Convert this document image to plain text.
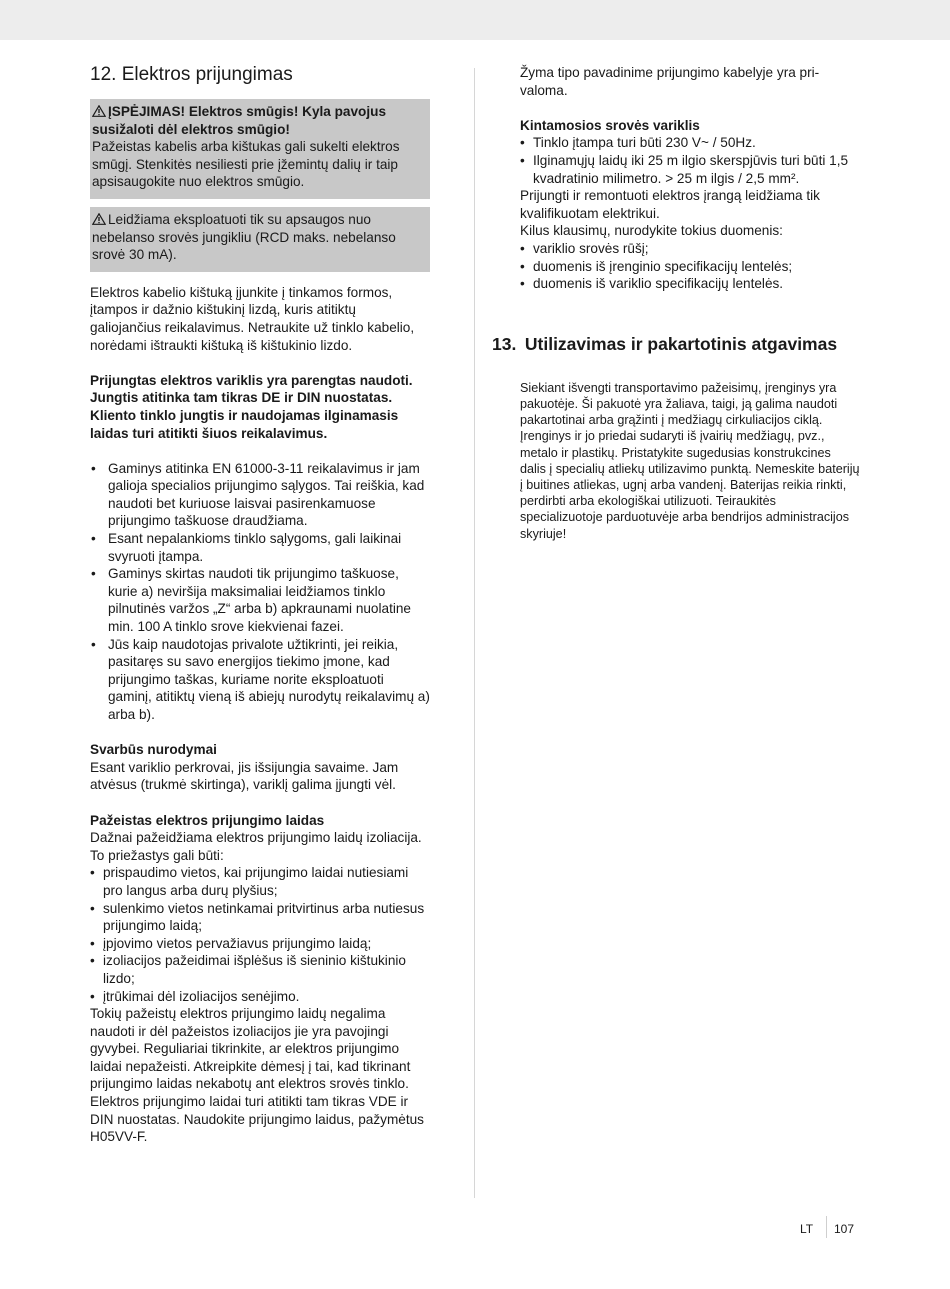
12. Elektros prijungimas

ĮSPĖJIMAS! Elektros smūgis! Kyla pavojus susižaloti dėl elektros smūgio!

Pažeistas kabelis arba kištukas gali sukelti elektros smūgį. Stenkitės nesiliesti prie įžemintų dalių ir taip apsisaugokite nuo elektros smūgio.

Leidžiama eksploatuoti tik su apsaugos nuo nebelanso srovės jungikliu (RCD maks. nebelanso srovė 30 mA).

Elektros kabelio kištuką įjunkite į tinkamos formos, įtampos ir dažnio kištukinį lizdą, kuris atitiktų galiojančius reikalavimus. Netraukite už tinklo kabelio, norėdami ištraukti kištuką iš kištukinio lizdo.

Prijungtas elektros variklis yra parengtas naudoti. Jungtis atitinka tam tikras DE ir DIN nuostatas. Kliento tinklo jungtis ir naudojamas ilginamasis laidas turi atitikti šiuos reikalavimus.

• Gaminys atitinka EN 61000-3-11 reikalavimus ir jam galioja specialios prijungimo sąlygos. Tai reiškia, kad naudoti bet kuriuose laisvai pasirenkamuose prijungimo taškuose draudžiama.
• Esant nepalankioms tinklo sąlygoms, gali laikinai svyruoti įtampa.
• Gaminys skirtas naudoti tik prijungimo taškuose, kurie a) neviršija maksimaliai leidžiamos tinklo pilnutinės varžos „Z“ arba b) apkraunami nuolatine min. 100 A tinklo srove kiekvienai fazei.
• Jūs kaip naudotojas privalote užtikrinti, jei reikia, pasitaręs su savo energijos tiekimo įmone, kad prijungimo taškas, kuriame norite eksploatuoti gaminį, atitiktų vieną iš abiejų nurodytų reikalavimų a) arba b).

Svarbūs nurodymai

Esant variklio perkrovai, jis išsijungia savaime. Jam atvėsus (trukmė skirtinga), variklį galima įjungti vėl.

Pažeistas elektros prijungimo laidas

Dažnai pažeidžiama elektros prijungimo laidų izoliacija.

To priežastys gali būti:

• prispaudimo vietos, kai prijungimo laidai nutiesiami pro langus arba durų plyšius;
• sulenkimo vietos netinkamai pritvirtinus arba nutiesus prijungimo laidą;
• įpjovimo vietos pervažiavus prijungimo laidą;
• izoliacijos pažeidimai išplėšus iš sieninio kištukinio lizdo;
• įtrūkimai dėl izoliacijos senėjimo.

Tokių pažeistų elektros prijungimo laidų negalima naudoti ir dėl pažeistos izoliacijos jie yra pavojingi gyvybei. Reguliariai tikrinkite, ar elektros prijungimo laidai nepažeisti. Atkreipkite dėmesį į tai, kad tikrinant prijungimo laidas nekabotų ant elektros srovės tinklo. Elektros prijungimo laidai turi atitikti tam tikras VDE ir DIN nuostatas. Naudokite prijungimo laidus, pažymėtus

H05VV-F.

Žyma tipo pavadinime prijungimo kabelyje yra privaloma.

Kintamosios srovės variklis

• Tinklo įtampa turi būti 230 V~ / 50Hz.
• Ilginamųjų laidų iki 25 m ilgio skerspjūvis turi būti 1,5 kvadratinio milimetro. > 25 m ilgis / 2,5 mm².

Prijungti ir remontuoti elektros įrangą leidžiama tik kvalifikuotam elektrikui.

Kilus klausimų, nurodykite tokius duomenis:

• variklio srovės rūšį;
• duomenis iš įrenginio specifikacijų lentelės;
• duomenis iš variklio specifikacijų lentelės.
13. Utilizavimas ir pakartotinis atgavimas

Siekiant išvengti transportavimo pažeisimų, įrenginys yra pakuotėje. Ši pakuotė yra žaliava, taigi, ją galima naudoti pakartotinai arba grąžinti į medžiagų cirkuliacijos ciklą. Įrenginys ir jo priedai sudaryti iš įvairių medžiagų, pvz., metalo ir plastikų. Pristatykite sugedusias konstrukcines dalis į specialių atliekų utilizavimo punktą. Nemeskite baterijų į buitines atliekas, ugnį arba vandenį. Baterijas reikia rinkti, perdirbti arba ekologiškai utilizuoti. Teiraukitės specializuotoje parduotuvėje arba bendrijos administracijos skyriuje!

LT 107
